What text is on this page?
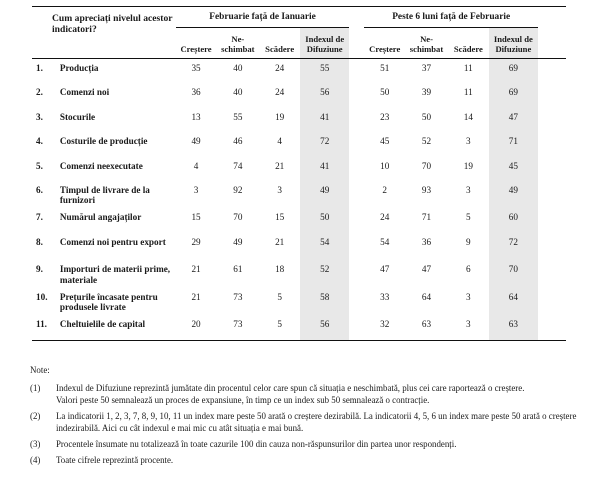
Cum apreciați nivelul acestor indicatori?		Februarie față de Ianuarie					Peste 6 luni față de Februarie				
		Creștere	Ne-schimbat	Scădere	Indexul de Difuziune		Creștere	Ne-schimbat	Scădere	Indexul de Difuziune	
1.	Producția	35	40	24	55		51	37	11	69	
2.	Comenzi noi	36	40	24	56		50	39	11	69	
3.	Stocurile	13	55	19	41		23	50	14	47	
4.	Costurile de producție	49	46	4	72		45	52	3	71	
5.	Comenzi neexecutate	4	74	21	41		10	70	19	45	
6.	Timpul de livrare de la furnizori	3	92	3	49		2	93	3	49	
7.	Numărul angajaților	15	70	15	50		24	71	5	60	
8.	Comenzi noi pentru export	29	49	21	54		54	36	9	72	
9.	Importuri de materii prime, materiale	21	61	18	52		47	47	6	70	
10.	Prețurile încasate pentru produsele livrate	21	73	5	58		33	64	3	64	
11.	Cheltuielile de capital	20	73	5	56		32	63	3	63	
Note:
(1)	Indexul de Difuziune reprezintă jumătate din procentul celor care spun că situația e neschimbată, plus cei care raportează o creștere.
Valori peste 50 semnalează un proces de expansiune, în timp ce un index sub 50 semnalează o contracție.
(2)	La indicatorii 1, 2, 3, 7, 8, 9, 10, 11 un index mare peste 50 arată o creștere dezirabilă. La indicatorii 4, 5, 6 un index mare peste 50 arată o creștere indezirabilă. Aici cu cât indexul e mai mic cu atât situația e mai bună.
(3)	Procentele însumate nu totalizează în toate cazurile 100 din cauza non-răspunsurilor din partea unor respondenți.
(4)	Toate cifrele reprezintă procente.
